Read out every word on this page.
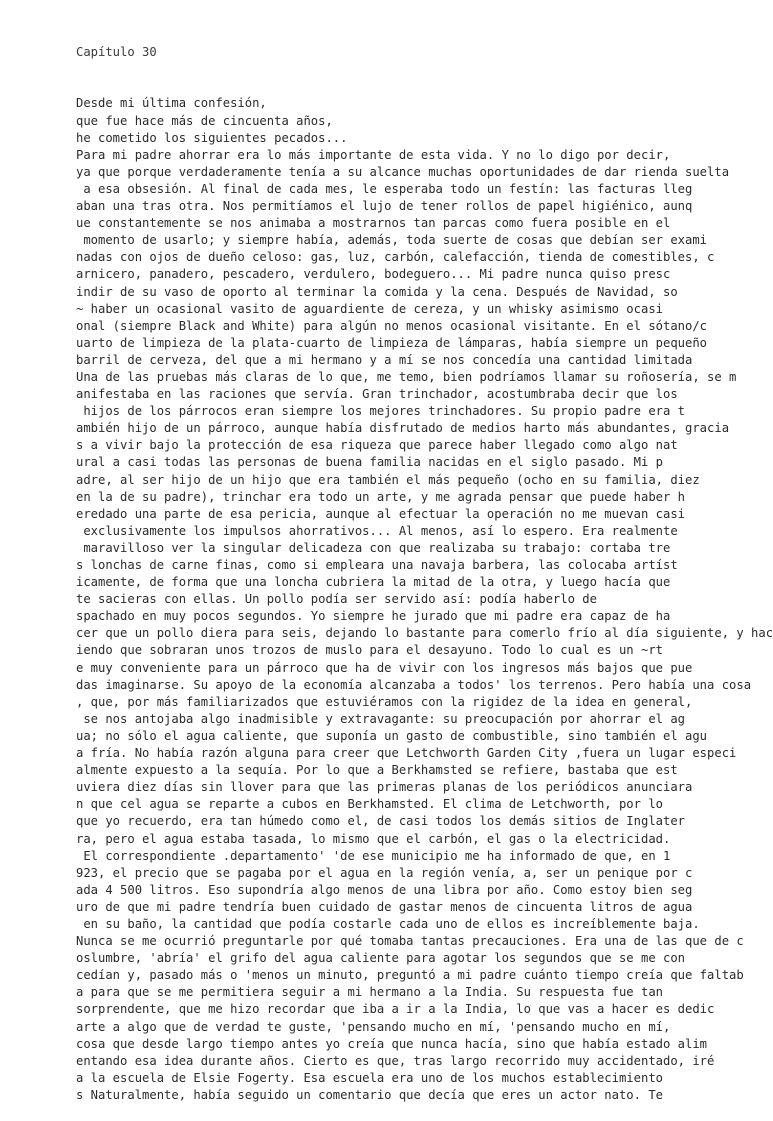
Capítulo 30

Desde mi última confesión,
que fue hace más de cincuenta años,
he cometido los siguientes pecados...
Para mi padre ahorrar era lo más importante de esta vida. Y no lo digo por decir,
ya que porque verdaderamente tenía a su alcance muchas oportunidades de dar rienda suelta
a esa obsesión. Al final de cada mes, le esperaba todo un festín: las facturas lleg
aban una tras otra. Nos permitíamos el lujo de tener rollos de papel higiénico, aunq
ue constantemente se nos animaba a mostrarnos tan parcas como fuera posible en el
momento de usarlo; y siempre había, además, toda suerte de cosas que debían ser exami
nadas con ojos de dueño celoso: gas, luz, carbón, calefacción, tienda de comestibles, c
arnicero, panadero, pescadero, verdulero, bodeguero... Mi padre nunca quiso presc
indir de su vaso de oporto al terminar la comida y la cena. Después de Navidad, so
~ haber un ocasional vasito de aguardiente de cereza, y un whisky asimismo ocasi
onal (siempre Black and White) para algún no menos ocasional visitante. En el sótano/c
uarto de limpieza de la plata-cuarto de limpieza de lámparas, había siempre un pequeño
barril de cerveza, del que a mi hermano y a mí se nos concedía una cantidad limitada
Una de las pruebas más claras de lo que, me temo, bien podríamos llamar su roñosería, se m
anifestaba en las raciones que servía. Gran trinchador, acostumbraba decir que los
hijos de los párrocos eran siempre los mejores trinchadores. Su propio padre era t
ambién hijo de un párroco, aunque había disfrutado de medios harto más abundantes, gracia
s a vivir bajo la protección de esa riqueza que parece haber llegado como algo nat
ural a casi todas las personas de buena familia nacidas en el siglo pasado. Mi p
adre, al ser hijo de un hijo que era también el más pequeño (ocho en su familia, diez
en la de su padre), trinchar era todo un arte, y me agrada pensar que puede haber h
eredado una parte de esa pericia, aunque al efectuar la operación no me muevan casi
exclusivamente los impulsos ahorrativos... Al menos, así lo espero. Era realmente
maravilloso ver la singular delicadeza con que realizaba su trabajo: cortaba tre
s lonchas de carne finas, como si empleara una navaja barbera, las colocaba artíst
icamente, de forma que una loncha cubriera la mitad de la otra, y luego hacía que
te sacieras con ellas. Un pollo podía ser servido así: podía haberlo de
spachado en muy pocos segundos. Yo siempre he jurado que mi padre era capaz de ha
cer que un pollo diera para seis, dejando lo bastante para comerlo frío al día siguiente, y hac
iendo que sobraran unos trozos de muslo para el desayuno. Todo lo cual es un ~rt
e muy conveniente para un párroco que ha de vivir con los ingresos más bajos que pue
das imaginarse. Su apoyo de la economía alcanzaba a todos' los terrenos. Pero había una cosa
, que, por más familiarizados que estuviéramos con la rigidez de la idea en general,
se nos antojaba algo inadmisible y extravagante: su preocupación por ahorrar el ag
ua; no sólo el agua caliente, que suponía un gasto de combustible, sino también el agu
a fría. No había razón alguna para creer que Letchworth Garden City ,fuera un lugar especi
almente expuesto a la sequía. Por lo que a Berkhamsted se refiere, bastaba que est
uviera diez días sin llover para que las primeras planas de los periódicos anunciara
n que cel agua se reparte a cubos en Berkhamsted. El clima de Letchworth, por lo
que yo recuerdo, era tan húmedo como el, de casi todos los demás sitios de Inglater
ra, pero el agua estaba tasada, lo mismo que el carbón, el gas o la electricidad.
El correspondiente .departamento' 'de ese municipio me ha informado de que, en 1
923, el precio que se pagaba por el agua en la región venía, a, ser un penique por c
ada 4 500 litros. Eso supondría algo menos de una libra por año. Como estoy bien seg
uro de que mi padre tendría buen cuidado de gastar menos de cincuenta litros de agua
en su baño, la cantidad que podía costarle cada uno de ellos es increíblemente baja.
Nunca se me ocurrió preguntarle por qué tomaba tantas precauciones. Era una de las que de c
oslumbre, 'abría' el grifo del agua caliente para agotar los segundos que se me con
cedían y, pasado más o 'menos un minuto, preguntó a mi padre cuánto tiempo creía que faltab
a para que se me permitiera seguir a mi hermano a la India. Su respuesta fue tan
sorprendente, que me hizo recordar que iba a ir a la India, lo que vas a hacer es dedic
arte a algo que de verdad te guste, 'pensando mucho en mí, 'pensando mucho en mí,
cosa que desde largo tiempo antes yo creía que nunca hacía, sino que había estado alim
entando esa idea durante años. Cierto es que, tras largo recorrido muy accidentado, iré
a la escuela de Elsie Fogerty. Esa escuela era uno de los muchos establecimiento
s Naturalmente, había seguido un comentario que decía que eres un actor nato. Te
